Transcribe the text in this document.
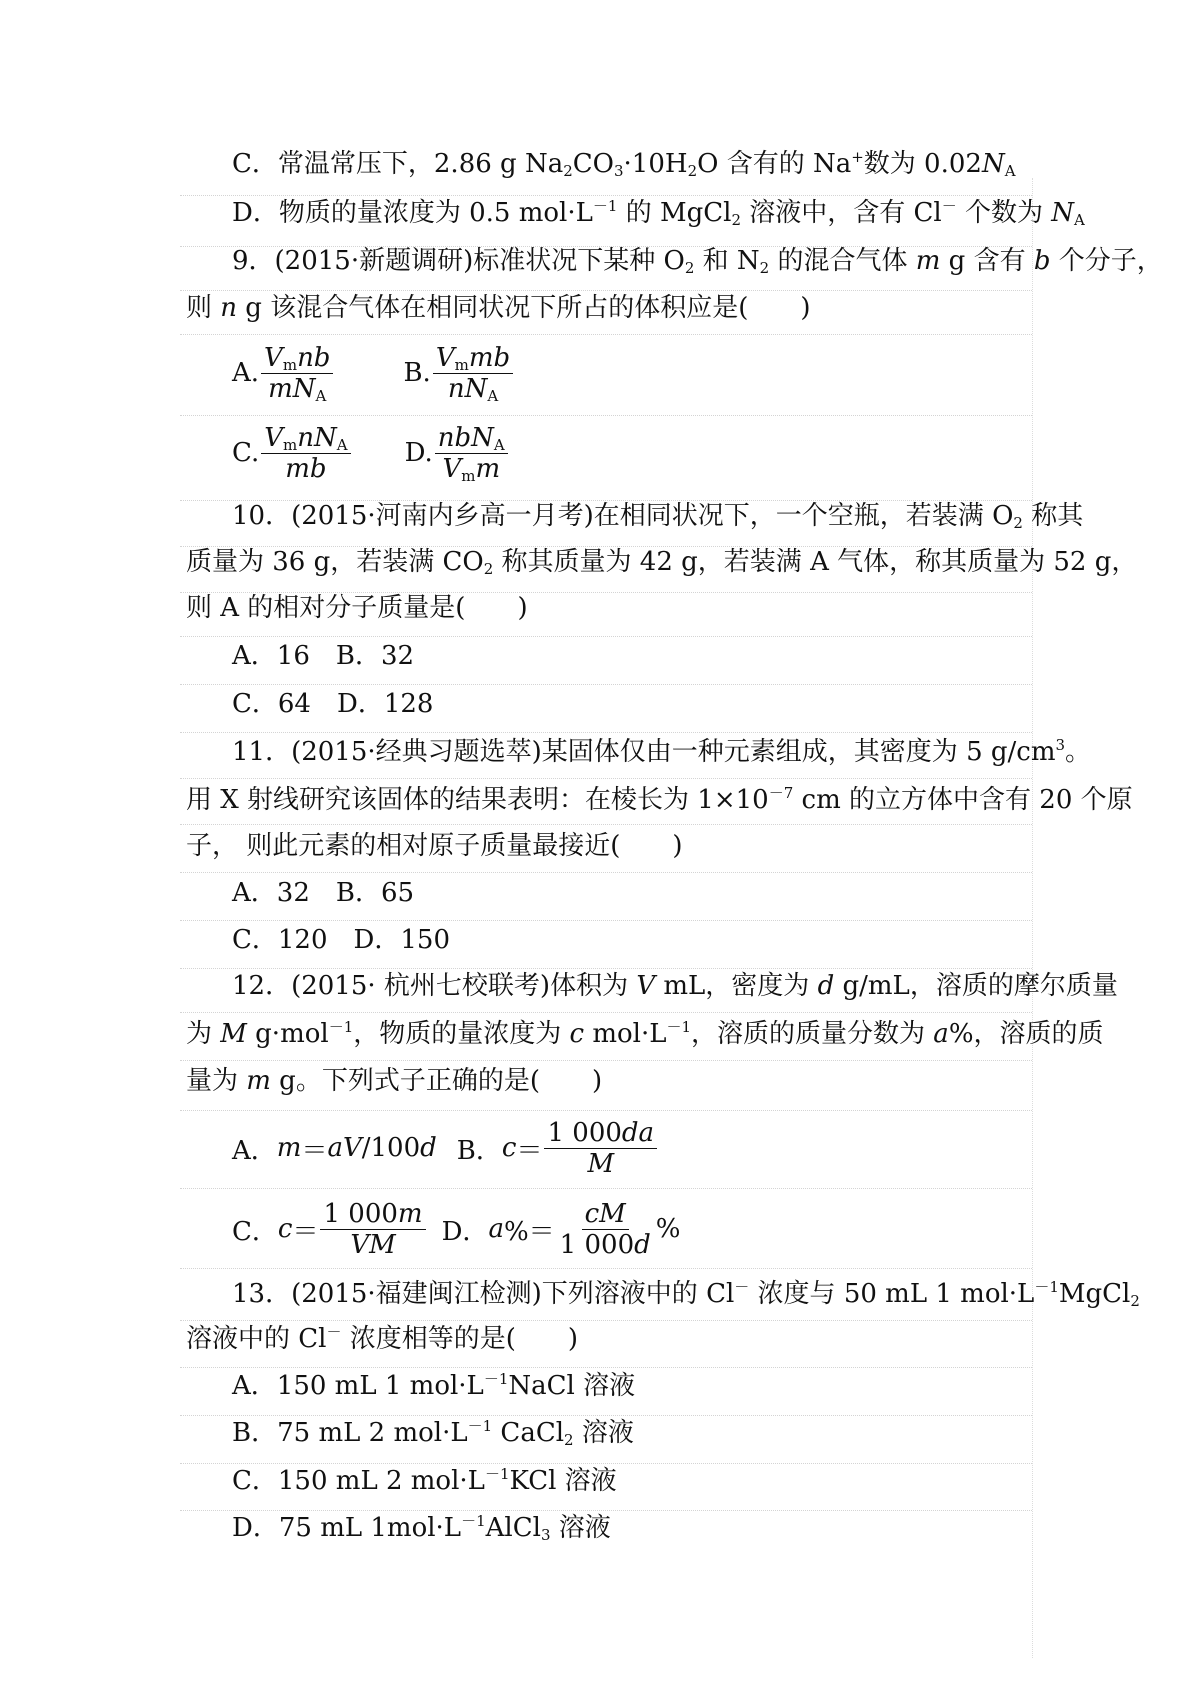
C．常温常压下，2.86 g $Na_2CO_3\cdot 10H_2O$ 含有的 Na+数为 $0.02N_A$
D．物质的量浓度为 0.5 $mol\cdot L^{-1}$ 的 MgCl$_2$ 溶液中，含有 Cl－ 个数为 $N_A$
9．(2015·新题调研)标准状况下某种 $O_2$ 和 $N_2$ 的混合气体 m g 含有 b 个分子，
则 n g 该混合气体在相同状况下所占的体积应是(　　)
A. $\frac{V_mnb}{mN_A}$	B. $\frac{V_mmb}{nN_A}$
C. $\frac{V_mnN_A}{mb} D$. $\frac{nbN_A}{V_mm}$
10．(2015·河南内乡高一月考)在相同状况下，一个空瓶，若装满 $O_2$ 称其
质量为 36 g，若装满 $CO_2$ 称其质量为 42 g，若装满 A 气体，称其质量为 52 g，
则 A 的相对分子质量是(　　)
A．16　B．32
C．64　D．128
11．(2015·经典习题选萃)某固体仅由一种元素组成，其密度为 5 $g/cm^3$。
用 X 射线研究该固体的结果表明：在棱长为 $1\times 10^{-7}$ cm 的立方体中含有 20 个原
子， 则此元素的相对原子质量最接近(　　)
A．32　B．65
C．120　D．150
12．(2015· 杭州七校联考)体积为 V mL，密度为 d g/mL，溶质的摩尔质量
为 M g·mol$^{-1}$，物质的量浓度为 c $mol\cdot L^{-1}$，溶质的质量分数为 a%，溶质的质
量为 m g。下列式子正确的是(　　)
A． m ＝ aV /100 d B． $c = \frac{1 000da}{M}$
C． $c = \frac{1 000m}{VM}$ D． a %＝ $\frac{cM}{1 000d}$ %
13．(2015·福建闽江检测)下列溶液中的 Cl－ 浓度与 50 mL 1 $mol\cdot L^{-1}MgCl_2$
溶液中的 Cl－ 浓度相等的是(　　)
A．150 mL 1 $mol\cdot L^{-1}NaCl$ 溶液
B．75 mL 2 $mol\cdot L^{-1}$ CaCl$_2$ 溶液
C．150 mL 2 $mol\cdot L^{-1}KCl$ 溶液
D．75 mL $1mol\cdot L^{-1}AlCl_3$ 溶液
